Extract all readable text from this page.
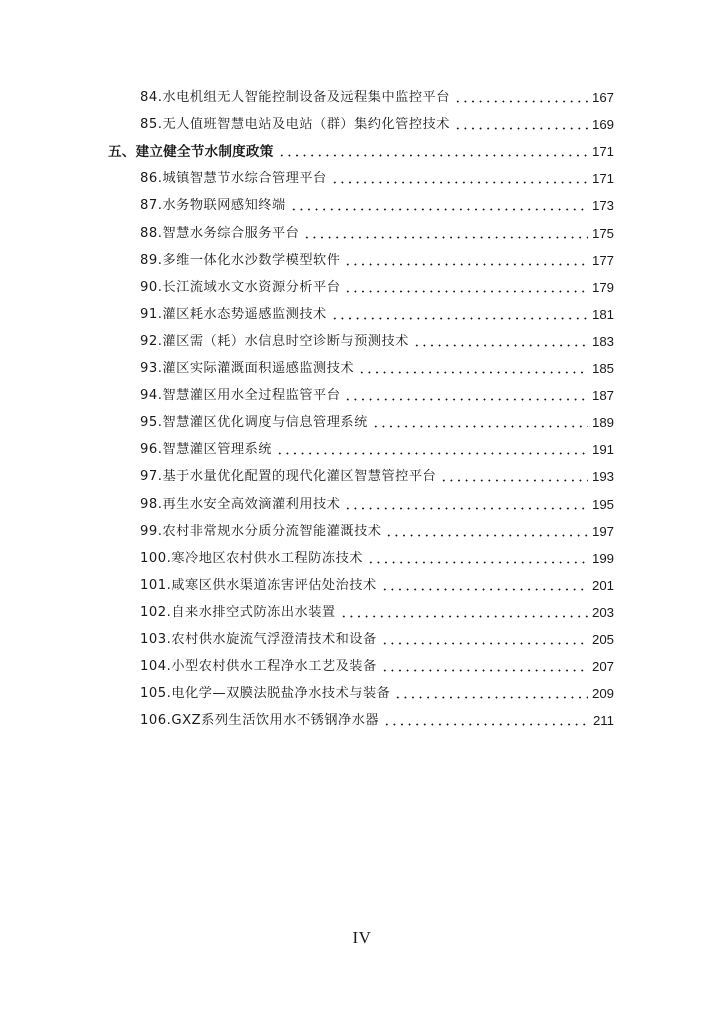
84.水电机组无人智能控制设备及远程集中监控平台	167
85.无人值班智慧电站及电站（群）集约化管控技术	169
五、建立健全节水制度政策	171
86.城镇智慧节水综合管理平台	171
87.水务物联网感知终端	173
88.智慧水务综合服务平台	175
89.多维一体化水沙数学模型软件	177
90.长江流域水文水资源分析平台	179
91.灌区耗水态势遥感监测技术	181
92.灌区需（耗）水信息时空诊断与预测技术	183
93.灌区实际灌溉面积遥感监测技术	185
94.智慧灌区用水全过程监管平台	187
95.智慧灌区优化调度与信息管理系统	189
96.智慧灌区管理系统	191
97.基于水量优化配置的现代化灌区智慧管控平台	193
98.再生水安全高效滴灌利用技术	195
99.农村非常规水分质分流智能灌溉技术	197
100.寒冷地区农村供水工程防冻技术	199
101.咸寒区供水渠道冻害评估处治技术	201
102.自来水排空式防冻出水装置	203
103.农村供水旋流气浮澄清技术和设备	205
104.小型农村供水工程净水工艺及装备	207
105.电化学—双膜法脱盐净水技术与装备	209
106.GXZ系列生活饮用水不锈钢净水器	211
IV
